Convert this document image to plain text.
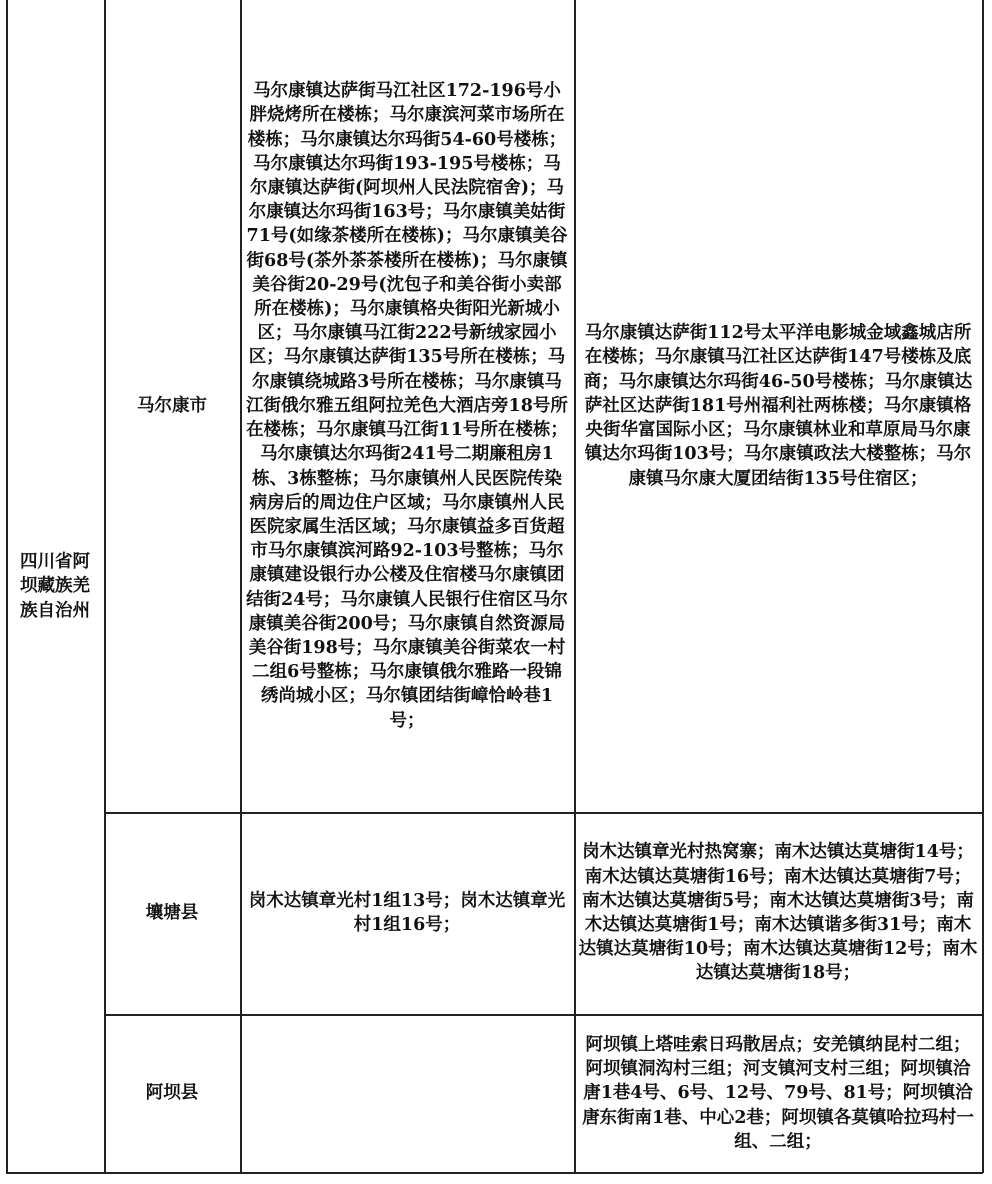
四川省阿坝藏族羌族自治州
马尔康市
马尔康镇达萨街马江社区172-196号小胖烧烤所在楼栋；马尔康滨河菜市场所在楼栋；马尔康镇达尔玛街54-60号楼栋；马尔康镇达尔玛街193-195号楼栋；马尔康镇达萨街(阿坝州人民法院宿舍)；马尔康镇达尔玛街163号；马尔康镇美姑街71号(如缘茶楼所在楼栋)；马尔康镇美谷街68号(茶外茶茶楼所在楼栋)；马尔康镇美谷街20-29号(沈包子和美谷街小卖部所在楼栋)；马尔康镇格央街阳光新城小区；马尔康镇马江街222号新绒家园小区；马尔康镇达萨街135号所在楼栋；马尔康镇绕城路3号所在楼栋；马尔康镇马江街俄尔雅五组阿拉羌色大酒店旁18号所在楼栋；马尔康镇马江街11号所在楼栋；马尔康镇达尔玛街241号二期廉租房1栋、3栋整栋；马尔康镇州人民医院传染病房后的周边住户区域；马尔康镇州人民医院家属生活区域；马尔康镇益多百货超市马尔康镇滨河路92-103号整栋；马尔康镇建设银行办公楼及住宿楼马尔康镇团结街24号；马尔康镇人民银行住宿区马尔康镇美谷街200号；马尔康镇自然资源局美谷街198号；马尔康镇美谷街菜农一村二组6号整栋；马尔康镇俄尔雅路一段锦绣尚城小区；马尔镇团结街嶂恰岭巷1号；
马尔康镇达萨街112号太平洋电影城金域鑫城店所在楼栋；马尔康镇马江社区达萨街147号楼栋及底商；马尔康镇达尔玛街46-50号楼栋；马尔康镇达萨社区达萨街181号州福利社两栋楼；马尔康镇格央街华富国际小区；马尔康镇林业和草原局马尔康镇达尔玛街103号；马尔康镇政法大楼整栋；马尔康镇马尔康大厦团结街135号住宿区；
壤塘县
岗木达镇章光村1组13号；岗木达镇章光村1组16号；
岗木达镇章光村热窝寨；南木达镇达莫塘街14号；南木达镇达莫塘街16号；南木达镇达莫塘街7号；南木达镇达莫塘街5号；南木达镇达莫塘街3号；南木达镇达莫塘街1号；南木达镇谐多街31号；南木达镇达莫塘街10号；南木达镇达莫塘街12号；南木达镇达莫塘街18号；
阿坝县
阿坝镇上塔哇索日玛散居点；安羌镇纳昆村二组；阿坝镇洞沟村三组；河支镇河支村三组；阿坝镇洽唐1巷4号、6号、12号、79号、81号；阿坝镇洽唐东街南1巷、中心2巷；阿坝镇各莫镇哈拉玛村一组、二组；
